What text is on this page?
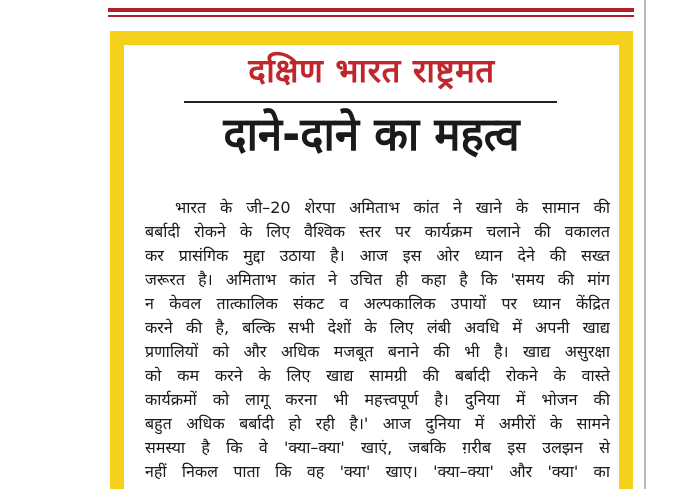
दक्षिण भारत राष्ट्रमत
दाने-दाने का महत्व
भारत के जी–20 शेरपा अमिताभ कांत ने खाने के सामान की
बर्बादी रोकने के लिए वैश्विक स्तर पर कार्यक्रम चलाने की वकालत
कर प्रासंगिक मुद्दा उठाया है। आज इस ओर ध्यान देने की सख्त
जरूरत है। अमिताभ कांत ने उचित ही कहा है कि 'समय की मांग
न केवल तात्कालिक संकट व अल्पकालिक उपायों पर ध्यान केंद्रित
करने की है, बल्कि सभी देशों के लिए लंबी अवधि में अपनी खाद्य
प्रणालियों को और अधिक मजबूत बनाने की भी है। खाद्य असुरक्षा
को कम करने के लिए खाद्य सामग्री की बर्बादी रोकने के वास्ते
कार्यक्रमों को लागू करना भी महत्त्वपूर्ण है। दुनिया में भोजन की
बहुत अधिक बर्बादी हो रही है।' आज दुनिया में अमीरों के सामने
समस्या है कि वे 'क्या–क्या' खाएं, जबकि ग़रीब इस उलझन से
नहीं निकल पाता कि वह 'क्या' खाए। 'क्या–क्या' और 'क्या' का
